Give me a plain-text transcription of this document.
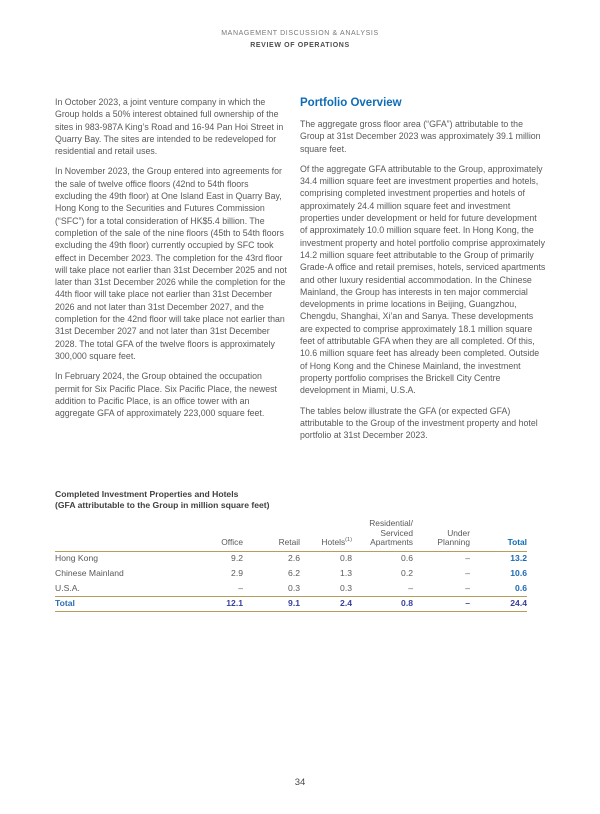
MANAGEMENT DISCUSSION & ANALYSIS
REVIEW OF OPERATIONS

In October 2023, a joint venture company in which the Group holds a 50% interest obtained full ownership of the sites in 983-987A King’s Road and 16-94 Pan Hoi Street in Quarry Bay. The sites are intended to be redeveloped for residential and retail uses.

In November 2023, the Group entered into agreements for the sale of twelve office floors (42nd to 54th floors excluding the 49th floor) at One Island East in Quarry Bay, Hong Kong to the Securities and Futures Commission (“SFC”) for a total consideration of HK$5.4 billion. The completion of the sale of the nine floors (45th to 54th floors excluding the 49th floor) currently occupied by SFC took effect in December 2023. The completion for the 43rd floor will take place not earlier than 31st December 2025 and not later than 31st December 2026 while the completion for the 44th floor will take place not earlier than 31st December 2026 and not later than 31st December 2027, and the completion for the 42nd floor will take place not earlier than 31st December 2027 and not later than 31st December 2028. The total GFA of the twelve floors is approximately 300,000 square feet.

In February 2024, the Group obtained the occupation permit for Six Pacific Place. Six Pacific Place, the newest addition to Pacific Place, is an office tower with an aggregate GFA of approximately 223,000 square feet.

Portfolio Overview

The aggregate gross floor area (“GFA”) attributable to the Group at 31st December 2023 was approximately 39.1 million square feet.

Of the aggregate GFA attributable to the Group, approximately 34.4 million square feet are investment properties and hotels, comprising completed investment properties and hotels of approximately 24.4 million square feet and investment properties under development or held for future development of approximately 10.0 million square feet. In Hong Kong, the investment property and hotel portfolio comprise approximately 14.2 million square feet attributable to the Group of primarily Grade-A office and retail premises, hotels, serviced apartments and other luxury residential accommodation. In the Chinese Mainland, the Group has interests in ten major commercial developments in prime locations in Beijing, Guangzhou, Chengdu, Shanghai, Xi’an and Sanya. These developments are expected to comprise approximately 18.1 million square feet of attributable GFA when they are all completed. Of this, 10.6 million square feet has already been completed. Outside of Hong Kong and the Chinese Mainland, the investment property portfolio comprises the Brickell City Centre development in Miami, U.S.A.

The tables below illustrate the GFA (or expected GFA) attributable to the Group of the investment property and hotel portfolio at 31st December 2023.

Completed Investment Properties and Hotels
(GFA attributable to the Group in million square feet)

	Office	Retail	Hotels$^{(1)}$	Residential/
Serviced
Apartments	Under
Planning	Total

Hong Kong	9.2	2.6	0.8	0.6	–	13.2
Chinese Mainland	2.9	6.2	1.3	0.2	–	10.6
U.S.A.	–	0.3	0.3	–	–	0.6
Total	12.1	9.1	2.4	0.8	–	24.4
34
